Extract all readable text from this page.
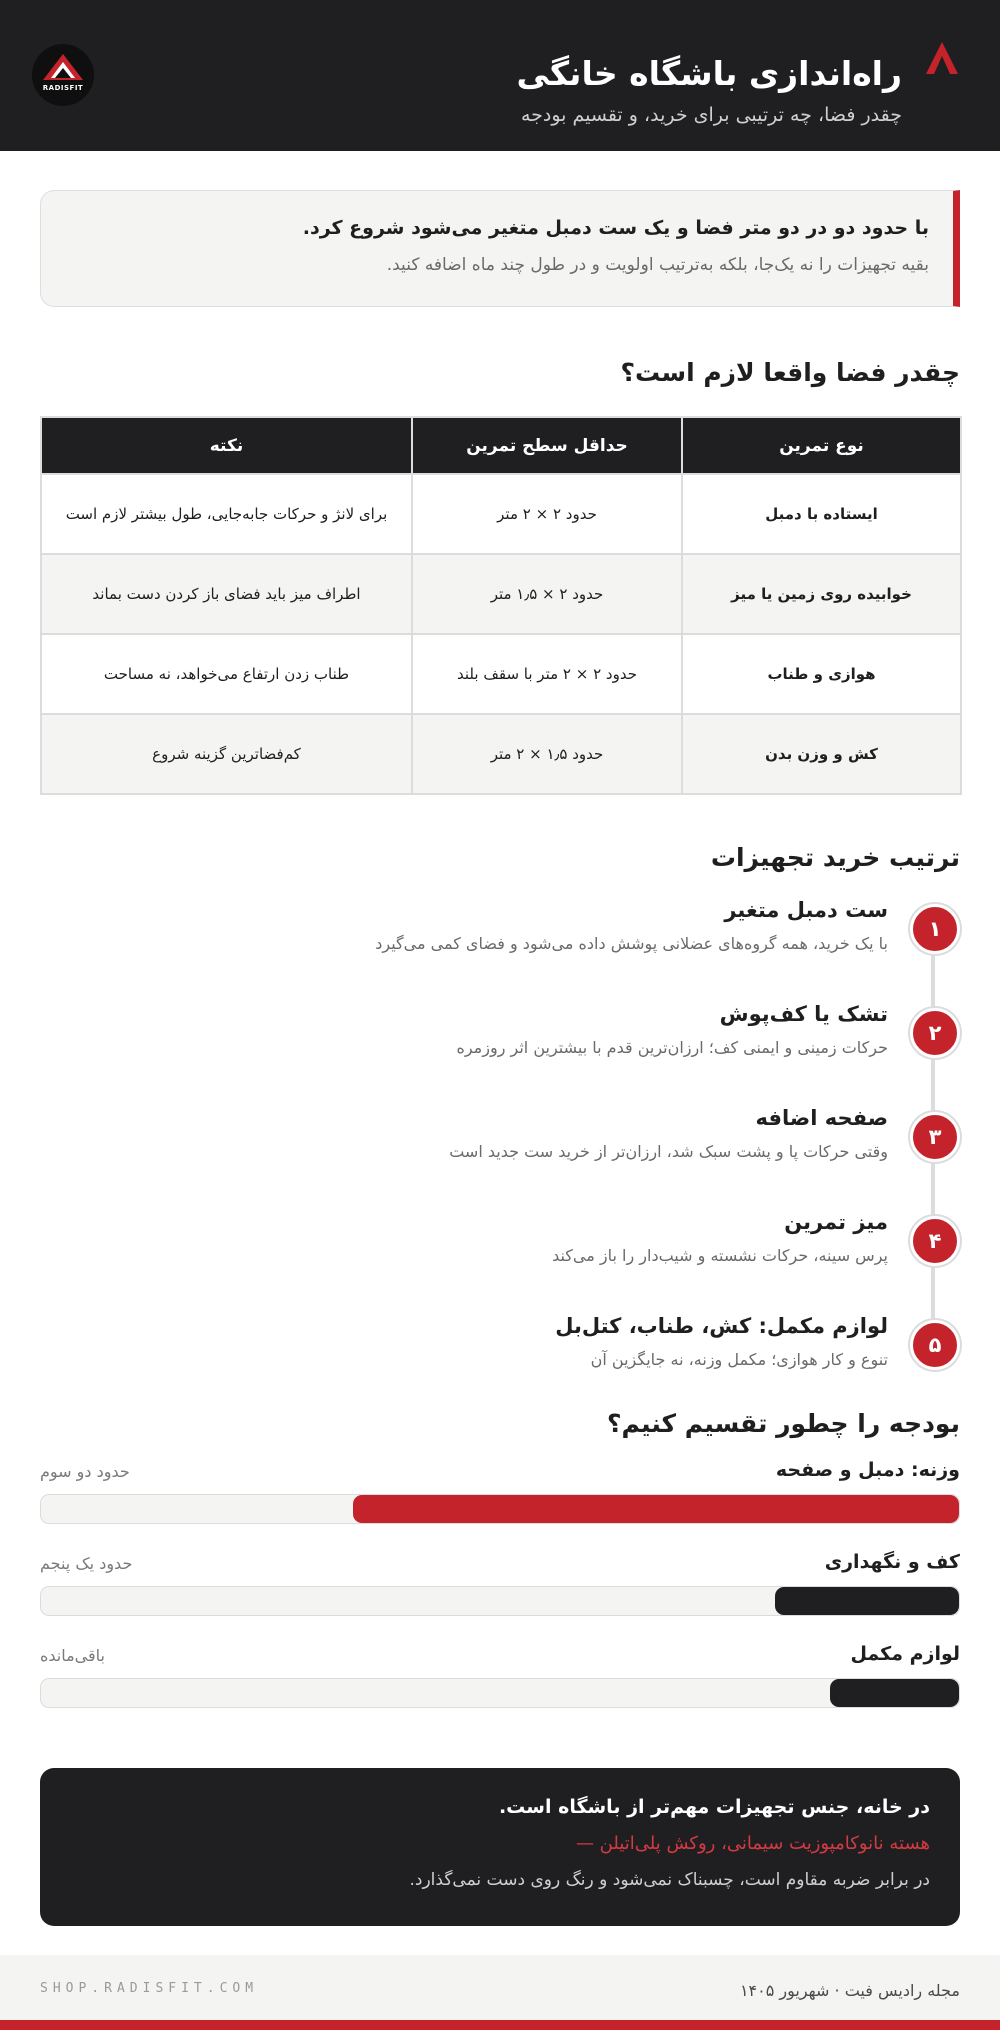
راه‌اندازی باشگاه خانگی
چقدر فضا، چه ترتیبی برای خرید، و تقسیم بودجه
RADISFIT
با حدود دو در دو متر فضا و یک ست دمبل متغیر می‌شود شروع کرد.
بقیه تجهیزات را نه یک‌جا، بلکه به‌ترتیب اولویت و در طول چند ماه اضافه کنید.
چقدر فضا واقعا لازم است؟
نوع تمرین	حداقل سطح تمرین	نکته
ایستاده با دمبل	حدود ۲ × ۲ متر	برای لانژ و حرکات جابه‌جایی، طول بیشتر لازم است
خوابیده روی زمین یا میز	حدود ۲ × ۱٫۵ متر	اطراف میز باید فضای باز کردن دست بماند
هوازی و طناب	حدود ۲ × ۲ متر با سقف بلند	طناب زدن ارتفاع می‌خواهد، نه مساحت
کش و وزن بدن	حدود ۱٫۵ × ۲ متر	کم‌فضاترین گزینه شروع
ترتیب خرید تجهیزات
۱
ست دمبل متغیر
با یک خرید، همه گروه‌های عضلانی پوشش داده می‌شود و فضای کمی می‌گیرد
۲
تشک یا کف‌پوش
حرکات زمینی و ایمنی کف؛ ارزان‌ترین قدم با بیشترین اثر روزمره
۳
صفحه اضافه
وقتی حرکات پا و پشت سبک شد، ارزان‌تر از خرید ست جدید است
۴
میز تمرین
پرس سینه، حرکات نشسته و شیب‌دار را باز می‌کند
۵
لوازم مکمل: کش، طناب، کتل‌بل
تنوع و کار هوازی؛ مکمل وزنه، نه جایگزین آن
بودجه را چطور تقسیم کنیم؟
وزنه: دمبل و صفحه
حدود دو سوم
کف و نگهداری
حدود یک پنجم
لوازم مکمل
باقی‌مانده
در خانه، جنس تجهیزات مهم‌تر از باشگاه است.
هسته نانوکامپوزیت سیمانی، روکش پلی‌اتیلن —
در برابر ضربه مقاوم است، چسبناک نمی‌شود و رنگ روی دست نمی‌گذارد.
مجله رادیس فیت · شهریور ۱۴۰۵
SHOP.RADISFIT.COM
